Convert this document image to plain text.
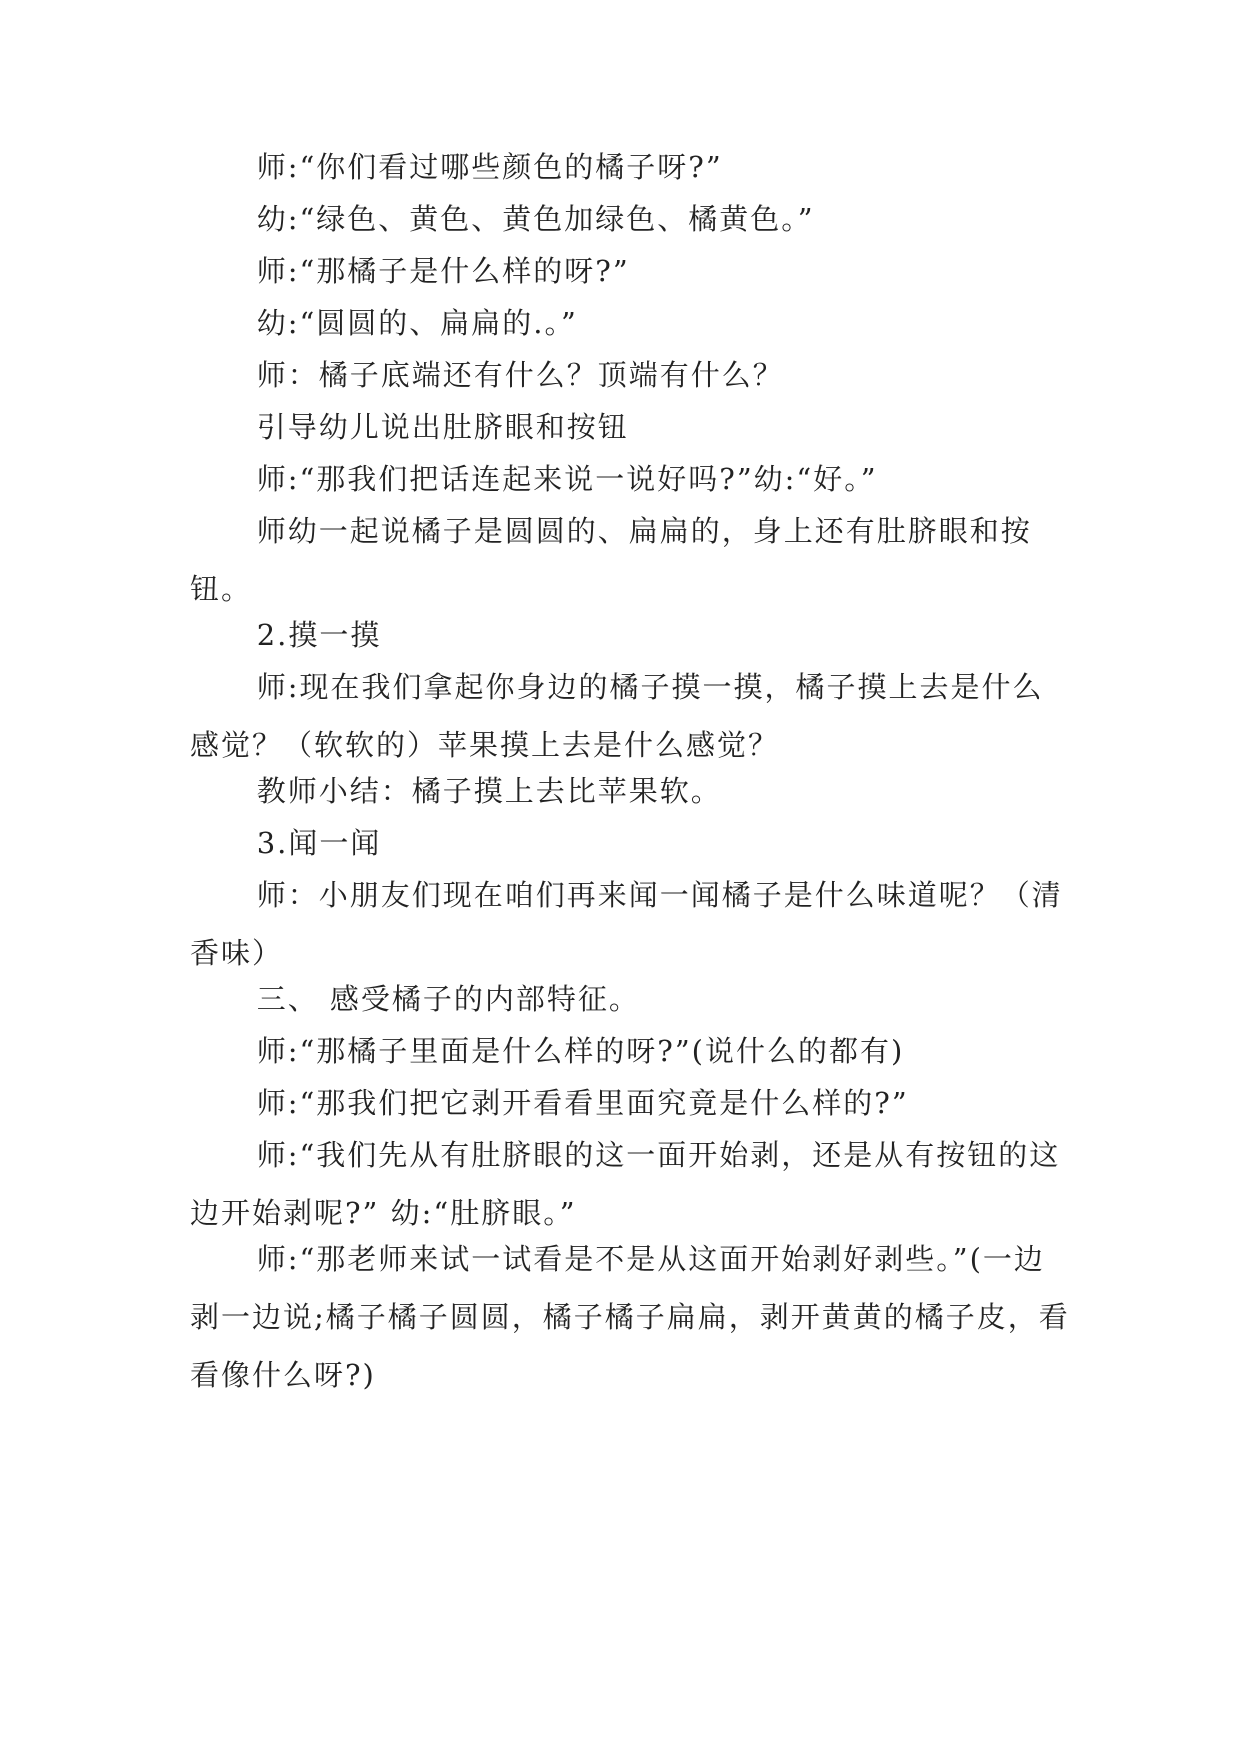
师:“你们看过哪些颜色的橘子呀?”

幼:“绿色、黄色、黄色加绿色、橘黄色。”

师:“那橘子是什么样的呀?”

幼:“圆圆的、扁扁的.。”

师：橘子底端还有什么？顶端有什么？

引导幼儿说出肚脐眼和按钮

师:“那我们把话连起来说一说好吗?”幼:“好。”

师幼一起说橘子是圆圆的、扁扁的，身上还有肚脐眼和按钮。

2.摸一摸

师:现在我们拿起你身边的橘子摸一摸，橘子摸上去是什么感觉？（软软的）苹果摸上去是什么感觉？

教师小结：橘子摸上去比苹果软。

3.闻一闻

师：小朋友们现在咱们再来闻一闻橘子是什么味道呢？（清香味）

三、 感受橘子的内部特征。

师:“那橘子里面是什么样的呀?”(说什么的都有)

师:“那我们把它剥开看看里面究竟是什么样的?”

师:“我们先从有肚脐眼的这一面开始剥，还是从有按钮的这边开始剥呢?” 幼:“肚脐眼。”

师:“那老师来试一试看是不是从这面开始剥好剥些。”(一边剥一边说;橘子橘子圆圆，橘子橘子扁扁，剥开黄黄的橘子皮，看看像什么呀?)
